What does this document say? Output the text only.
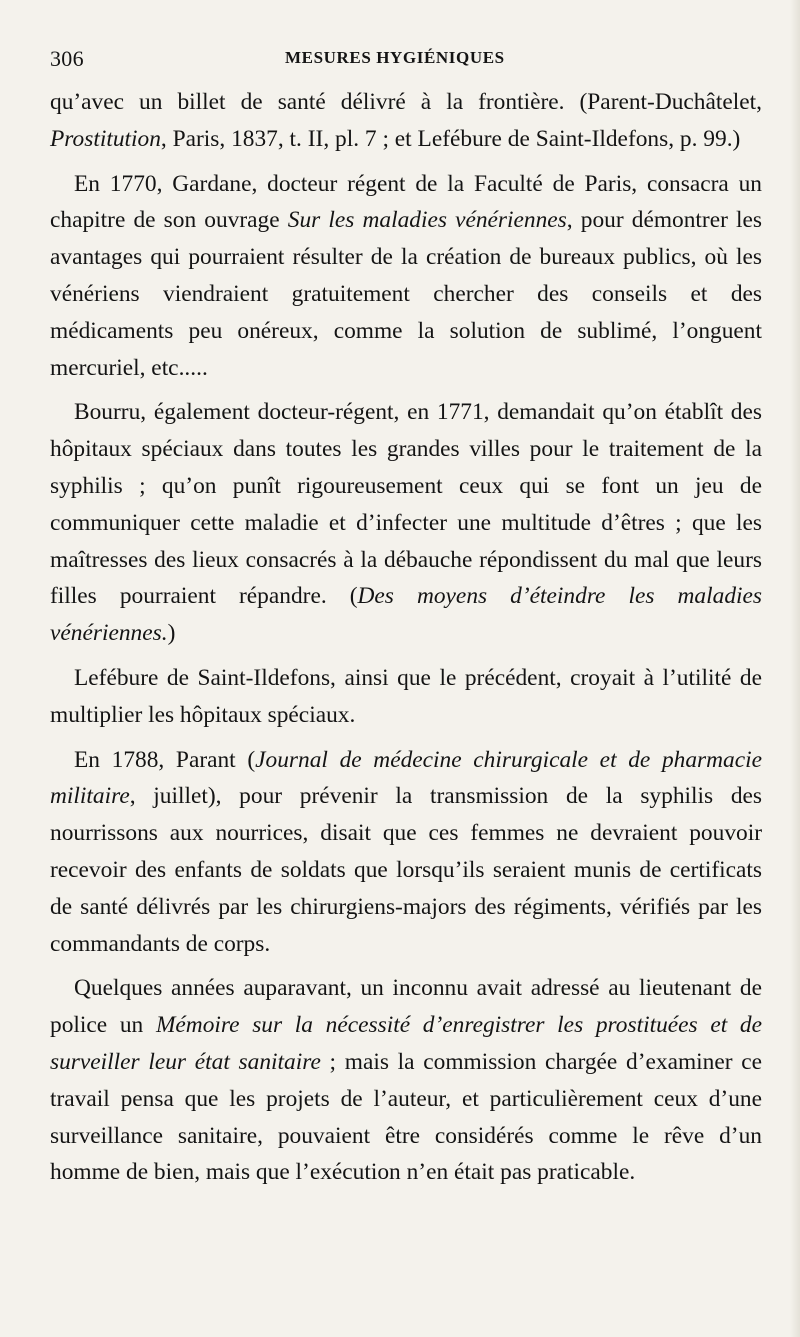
306	MESURES HYGIÉNIQUES

qu’avec un billet de santé délivré à la frontière. (Parent-Duchâtelet, Prostitution, Paris, 1837, t. II, pl. 7 ; et Lefébure de Saint-Ildefons, p. 99.)

En 1770, Gardane, docteur régent de la Faculté de Paris, consacra un chapitre de son ouvrage Sur les maladies vénériennes, pour démontrer les avantages qui pourraient résulter de la création de bureaux publics, où les vénériens viendraient gratuitement chercher des conseils et des médicaments peu onéreux, comme la solution de sublimé, l’onguent mercuriel, etc.....

Bourru, également docteur-régent, en 1771, demandait qu’on établît des hôpitaux spéciaux dans toutes les grandes villes pour le traitement de la syphilis ; qu’on punît rigoureusement ceux qui se font un jeu de communiquer cette maladie et d’infecter une multitude d’êtres ; que les maîtresses des lieux consacrés à la débauche répondissent du mal que leurs filles pourraient répandre. (Des moyens d’éteindre les maladies vénériennes.)

Lefébure de Saint-Ildefons, ainsi que le précédent, croyait à l’utilité de multiplier les hôpitaux spéciaux.

En 1788, Parant (Journal de médecine chirurgicale et de pharmacie militaire, juillet), pour prévenir la transmission de la syphilis des nourrissons aux nourrices, disait que ces femmes ne devraient pouvoir recevoir des enfants de soldats que lorsqu’ils seraient munis de certificats de santé délivrés par les chirurgiens-majors des régiments, vérifiés par les commandants de corps.

Quelques années auparavant, un inconnu avait adressé au lieutenant de police un Mémoire sur la nécessité d’enregistrer les prostituées et de surveiller leur état sanitaire ; mais la commission chargée d’examiner ce travail pensa que les projets de l’auteur, et particulièrement ceux d’une surveillance sanitaire, pouvaient être considérés comme le rêve d’un homme de bien, mais que l’exécution n’en était pas praticable.
